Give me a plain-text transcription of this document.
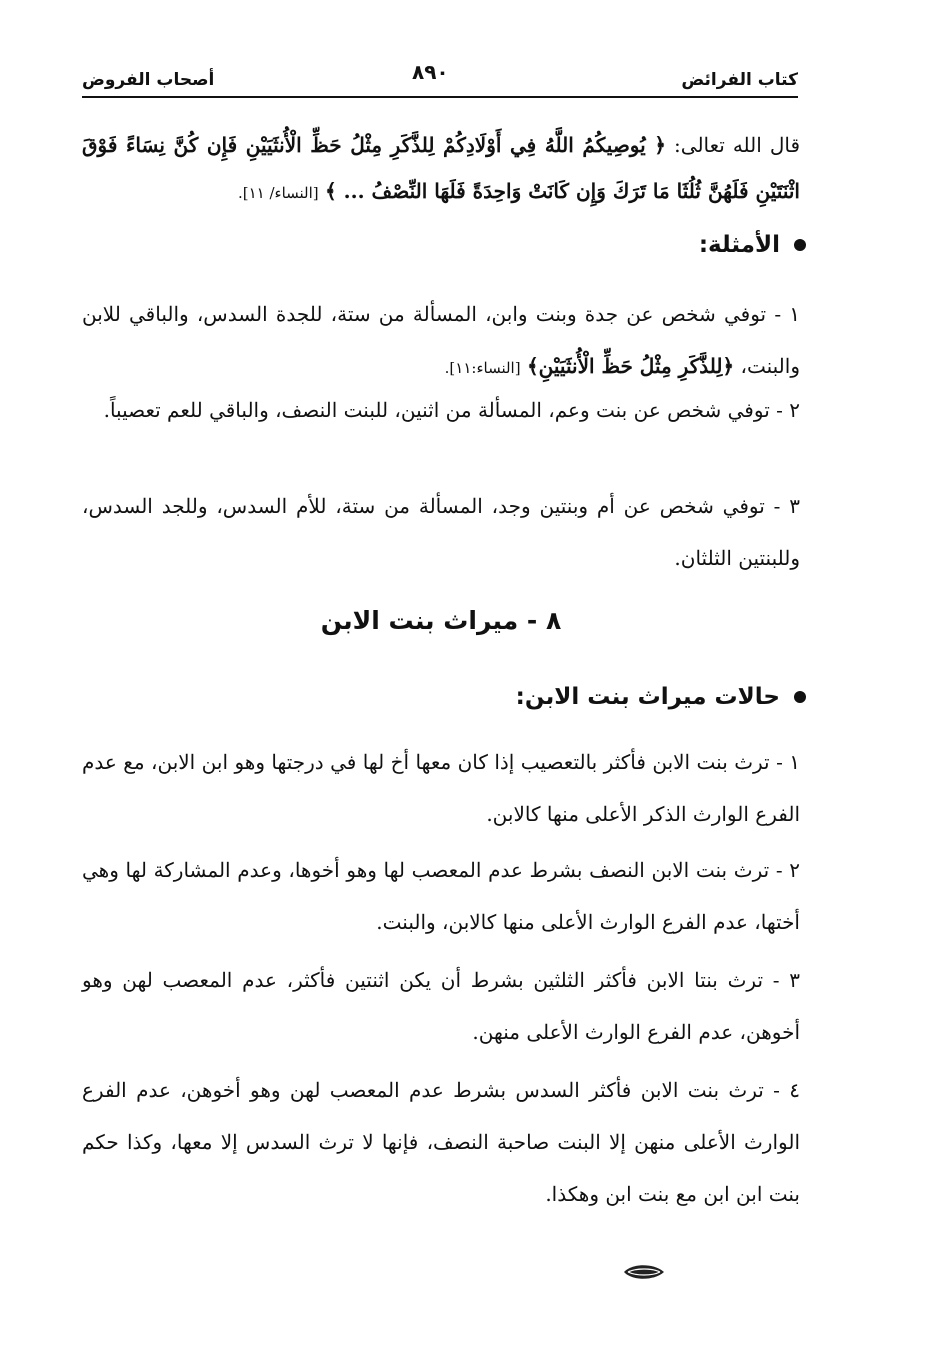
كتاب الفرائض
٨٩٠
أصحاب الفروض
قال الله تعالى: ﴿ يُوصِيكُمُ اللَّهُ فِي أَوْلَادِكُمْ لِلذَّكَرِ مِثْلُ حَظِّ الْأُنثَيَيْنِ فَإِن كُنَّ نِسَاءً فَوْقَ اثْنَتَيْنِ فَلَهُنَّ ثُلُثَا مَا تَرَكَ وَإِن كَانَتْ وَاحِدَةً فَلَهَا النِّصْفُ ... ﴾ [النساء/ ١١].
الأمثلة:
١ - توفي شخص عن جدة وبنت وابن، المسألة من ستة، للجدة السدس، والباقي للابن والبنت، ﴿لِلذَّكَرِ مِثْلُ حَظِّ الْأُنثَيَيْنِ﴾ [النساء:١١].
٢ - توفي شخص عن بنت وعم، المسألة من اثنين، للبنت النصف، والباقي للعم تعصيباً.
٣ - توفي شخص عن أم وبنتين وجد، المسألة من ستة، للأم السدس، وللجد السدس، وللبنتين الثلثان.
٨ - ميراث بنت الابن
حالات ميراث بنت الابن:
١ - ترث بنت الابن فأكثر بالتعصيب إذا كان معها أخ لها في درجتها وهو ابن الابن، مع عدم الفرع الوارث الذكر الأعلى منها كالابن.
٢ - ترث بنت الابن النصف بشرط عدم المعصب لها وهو أخوها، وعدم المشاركة لها وهي أختها، عدم الفرع الوارث الأعلى منها كالابن، والبنت.
٣ - ترث بنتا الابن فأكثر الثلثين بشرط أن يكن اثنتين فأكثر، عدم المعصب لهن وهو أخوهن، عدم الفرع الوارث الأعلى منهن.
٤ - ترث بنت الابن فأكثر السدس بشرط عدم المعصب لهن وهو أخوهن، عدم الفرع الوارث الأعلى منهن إلا البنت صاحبة النصف، فإنها لا ترث السدس إلا معها، وكذا حكم بنت ابن ابن مع بنت ابن وهكذا.
